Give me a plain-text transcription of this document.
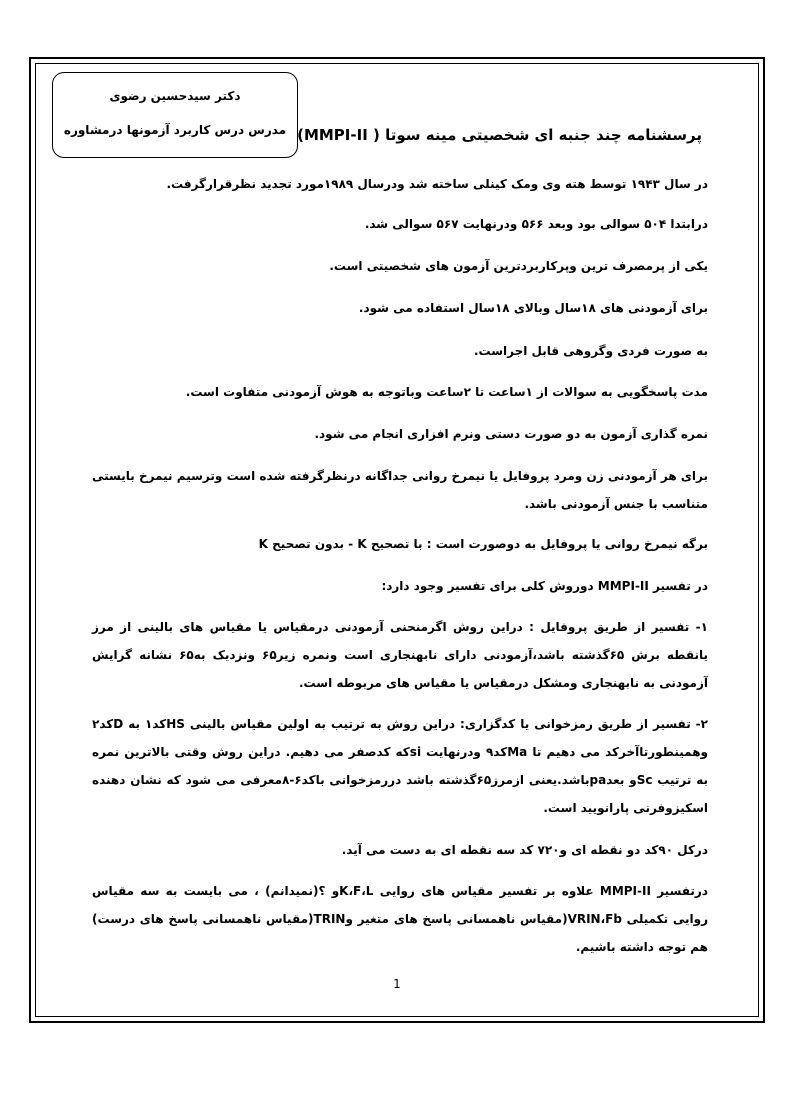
دکتر سیدحسین رضوی
مدرس درس کاربرد آزمونها درمشاوره پرسشنامه چند جنبه ای شخصیتی مینه سوتا ( MMPI-II)
در سال ۱۹۴۳ توسط هته وی ومک کینلی ساخته شد ودرسال ۱۹۸۹مورد تجدید نظرقرارگرفت.
درابتدا ۵۰۴ سوالی بود وبعد ۵۶۶ ودرنهایت ۵۶۷ سوالی شد.
یکی از پرمصرف ترین وپرکاربردترین آزمون های شخصیتی است.
برای آزمودنی های ۱۸سال وبالای ۱۸سال استفاده می شود.
به صورت فردی وگروهی قابل اجراست.
مدت پاسخگویی به سوالات از ۱ساعت تا ۲ساعت وباتوجه به هوش آزمودنی متفاوت است.
نمره گذاری آزمون به دو صورت دستی ونرم افزاری انجام می شود.
برای هر آزمودنی زن ومرد پروفایل یا نیمرخ روانی جداگانه درنظرگرفته شده است وترسیم نیمرخ بایستی متناسب با جنس آزمودنی باشد.
برگه نیمرخ روانی یا پروفایل به دوصورت است : با تصحیح K - بدون تصحیح K
در تفسیر MMPI-II دوروش کلی برای تفسیر وجود دارد:
۱- تفسیر از طریق پروفایل : دراین روش اگرمنحنی آزمودنی درمقیاس یا مقیاس های بالینی از مرز یانقطه برش ۶۵گذشته باشد،آزمودنی دارای نابهنجاری است ونمره زیر۶۵ ونزدیک به۶۵ نشانه گرایش آزمودنی به نابهنجاری ومشکل درمقیاس یا مقیاس های مربوطه است.
۲- تفسیر از طریق رمزخوانی یا کدگزاری: دراین روش به ترتیب به اولین مقیاس بالینی HSکد۱ به Dکد۲ وهمینطورتاآخرکد می دهیم تا Maکد۹ ودرنهایت siکه کدصفر می دهیم. دراین روش وقتی بالاترین نمره به ترتیب Scو بعدpaباشد.یعنی ازمرز۶۵گذشته باشد دررمزخوانی باکد۶-۸معرفی می شود که نشان دهنده اسکیزوفرنی پارانویید است.
درکل ۹۰کد دو نقطه ای و۷۲۰ کد سه نقطه ای به دست می آید.
درتفسیر MMPI-II علاوه بر تفسیر مقیاس های روایی K،F،Lو ؟(نمیدانم) ، می بایست به سه مقیاس روایی تکمیلی VRIN،Fb(مقیاس ناهمسانی پاسخ های متغیر وTRIN(مقیاس ناهمسانی پاسخ های درست) هم توجه داشته باشیم.
1
